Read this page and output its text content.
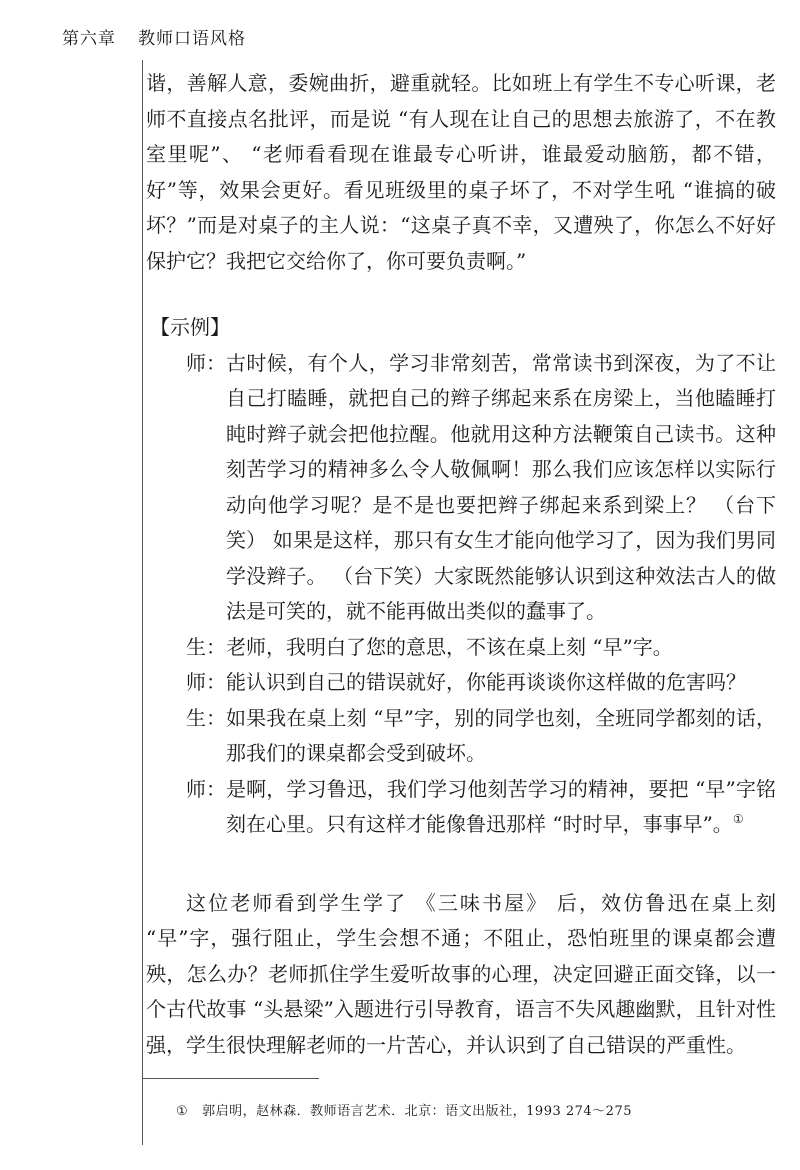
第六章 教师口语风格

谐，善解人意，委婉曲折，避重就轻。比如班上有学生不专心听课，老师不直接点名批评，而是说 “有人现在让自己的思想去旅游了，不在教室里呢”、 “老师看看现在谁最专心听讲，谁最爱动脑筋，都不错，好”等，效果会更好。看见班级里的桌子坏了，不对学生吼 “谁搞的破坏？”而是对桌子的主人说：“这桌子真不幸，又遭殃了，你怎么不好好保护它？我把它交给你了，你可要负责啊。”

【示例】
师： 古时候，有个人，学习非常刻苦，常常读书到深夜，为了不让自己打瞌睡，就把自己的辫子绑起来系在房梁上，当他瞌睡打盹时辫子就会把他拉醒。他就用这种方法鞭策自己读书。这种刻苦学习的精神多么令人敬佩啊！那么我们应该怎样以实际行动向他学习呢？是不是也要把辫子绑起来系到梁上？ （台下笑） 如果是这样，那只有女生才能向他学习了，因为我们男同学没辫子。 （台下笑）大家既然能够认识到这种效法古人的做法是可笑的，就不能再做出类似的蠢事了。
生： 老师，我明白了您的意思，不该在桌上刻 “早”字。
师： 能认识到自己的错误就好，你能再谈谈你这样做的危害吗？
生： 如果我在桌上刻 “早”字，别的同学也刻，全班同学都刻的话，那我们的课桌都会受到破坏。
师： 是啊，学习鲁迅，我们学习他刻苦学习的精神，要把 “早”字铭刻在心里。只有这样才能像鲁迅那样 “时时早，事事早”。①

这位老师看到学生学了 《三味书屋》 后，效仿鲁迅在桌上刻 “早”字，强行阻止，学生会想不通；不阻止，恐怕班里的课桌都会遭殃，怎么办？老师抓住学生爱听故事的心理，决定回避正面交锋，以一个古代故事 “头悬梁”入题进行引导教育，语言不失风趣幽默，且针对性强，学生很快理解老师的一片苦心，并认识到了自己错误的严重性。

① 郭启明，赵林森．教师语言艺术．北京：语文出版社，1993 274～275
